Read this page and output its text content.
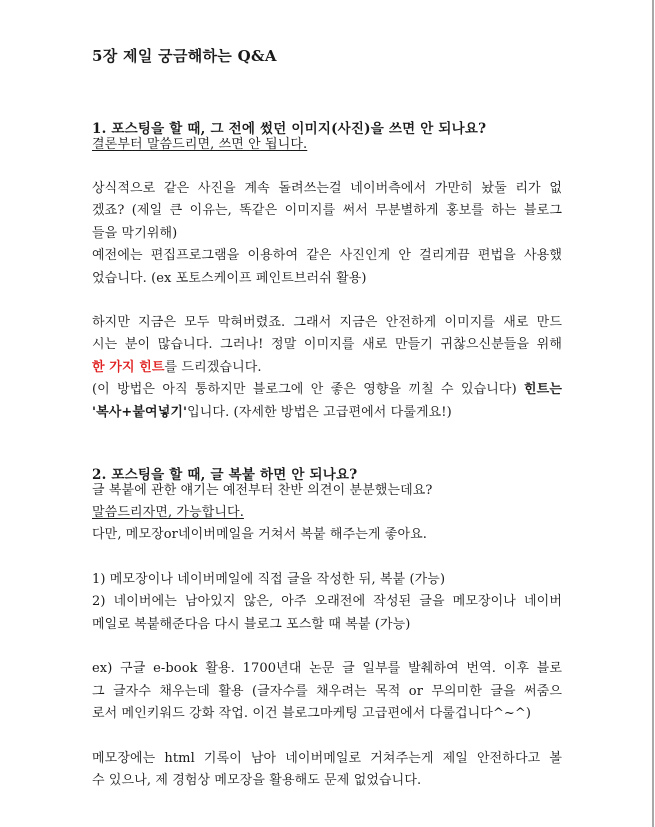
5장 제일 궁금해하는 Q&A
1. 포스팅을 할 때, 그 전에 썼던 이미지(사진)을 쓰면 안 되나요?
결론부터 말씀드리면, 쓰면 안 됩니다.
상식적으로 같은 사진을 계속 돌려쓰는걸 네이버측에서 가만히 놨둘 리가 없
겠죠? (제일 큰 이유는, 똑같은 이미지를 써서 무분별하게 홍보를 하는 블로그
들을 막기위해)
예전에는 편집프로그램을 이용하여 같은 사진인게 안 걸리게끔 편법을 사용했
었습니다. (ex 포토스케이프 페인트브러쉬 활용)
하지만 지금은 모두 막혀버렸죠. 그래서 지금은 안전하게 이미지를 새로 만드
시는 분이 많습니다. 그러나! 정말 이미지를 새로 만들기 귀찮으신분들을 위해
한 가지 힌트를 드리겠습니다.
(이 방법은 아직 통하지만 블로그에 안 좋은 영향을 끼칠 수 있습니다) 힌트는
'복사+붙여넣기'입니다. (자세한 방법은 고급편에서 다룰게요!)
2. 포스팅을 할 때, 글 복붙 하면 안 되나요?
글 복붙에 관한 얘기는 예전부터 찬반 의견이 분분했는데요?
말씀드리자면, 가능합니다.
다만, 메모장or네이버메일을 거쳐서 복붙 해주는게 좋아요.
1) 메모장이나 네이버메일에 직접 글을 작성한 뒤, 복붙 (가능)
2) 네이버에는 남아있지 않은, 아주 오래전에 작성된 글을 메모장이나 네이버
메일로 복붙해준다음 다시 블로그 포스할 때 복붙 (가능)
ex) 구글 e-book 활용. 1700년대 논문 글 일부를 발췌하여 번역. 이후 블로
그 글자수 채우는데 활용 (글자수를 채우려는 목적 or 무의미한 글을 써줌으
로서 메인키워드 강화 작업. 이건 블로그마케팅 고급편에서 다룰겁니다^~^)
메모장에는 html 기록이 남아 네이버메일로 거쳐주는게 제일 안전하다고 볼
수 있으나, 제 경험상 메모장을 활용해도 문제 없었습니다.
